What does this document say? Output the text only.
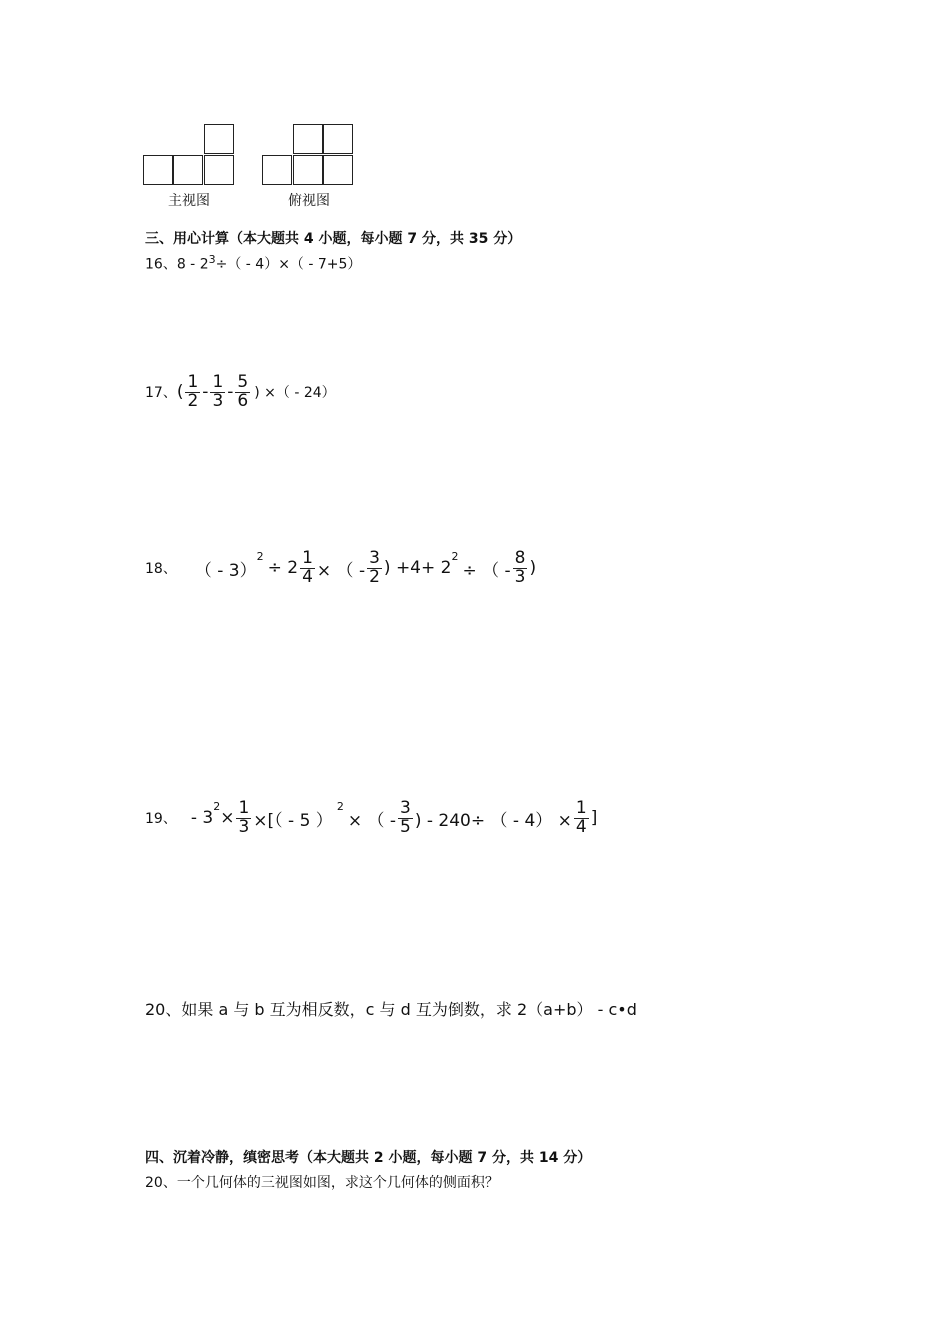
主视图	俯视图
三、用心计算（本大题共 4 小题，每小题 7 分，共 35 分）
16、$8 - 2^3\div( - 4)\times( - 7+5)$
17、 ( $\frac{1}{2} - \frac{1}{3} - \frac{5}{6}$ ) ×（ - 24）
18、 （ - 3）
$^2$
÷ $2 \frac{1}{4}$ × （ - $\frac{3}{2}$ ) +4+ 2
$^2$
÷ （ - $\frac{8}{3}$ )
19、 - 3
$^2$
× $\frac{1}{3}$ ×[（ - 5 ）
$^2$
× （ - $\frac{3}{5}$ ) - 240÷ （ - $4) \times \frac{1}{4}$ ]
20、如果 a 与 b 互为相反数，c 与 d 互为倒数，求 2（a+b） - c•d
四、沉着冷静，缜密思考（本大题共 2 小题，每小题 7 分，共 14 分）
20、一个几何体的三视图如图，求这个几何体的侧面积？
